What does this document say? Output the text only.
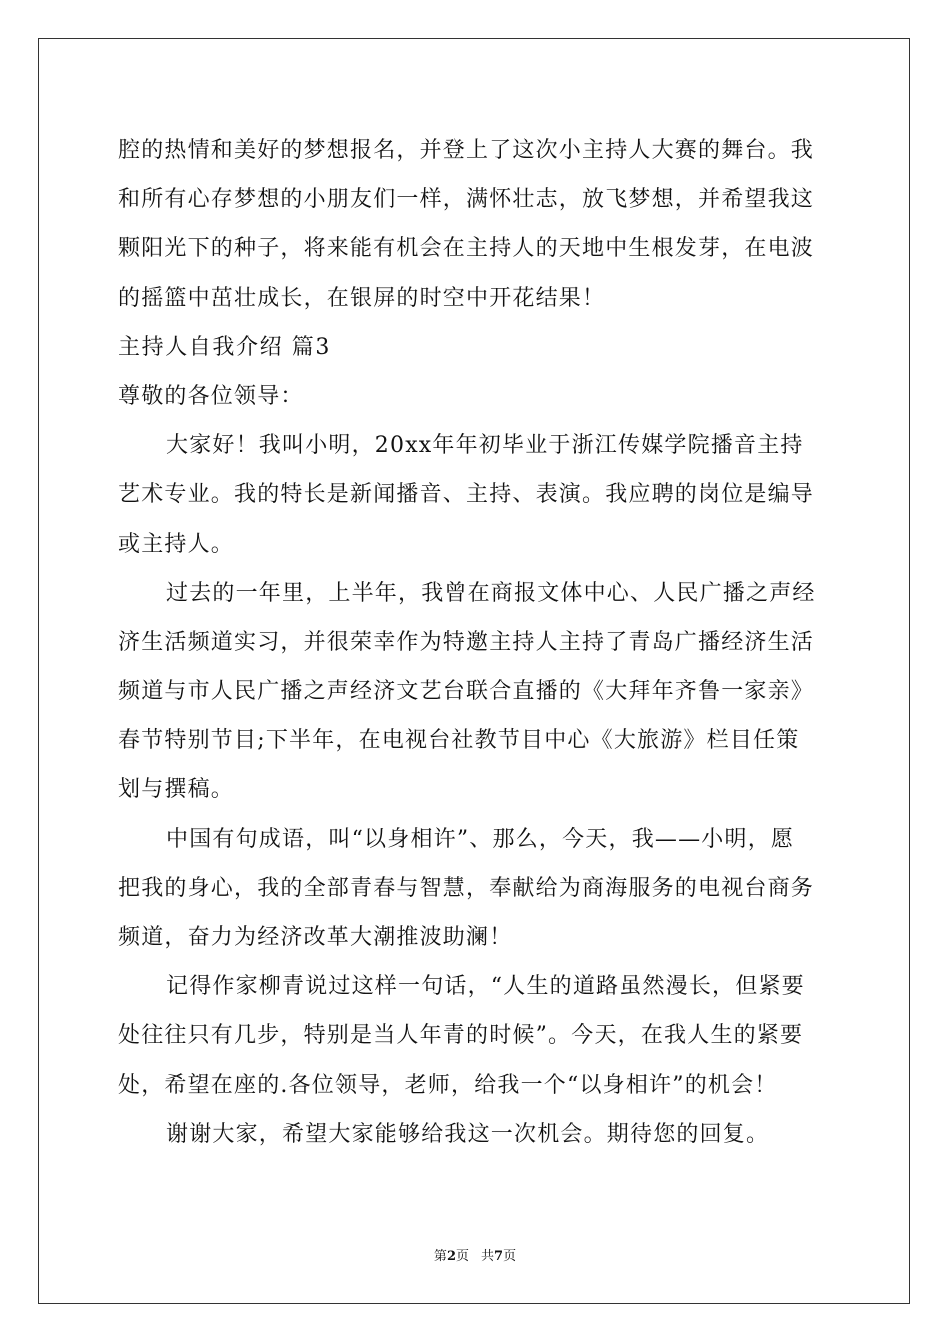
腔的热情和美好的梦想报名，并登上了这次小主持人大赛的舞台。我
和所有心存梦想的小朋友们一样，满怀壮志，放飞梦想，并希望我这
颗阳光下的种子，将来能有机会在主持人的天地中生根发芽，在电波
的摇篮中茁壮成长，在银屏的时空中开花结果！
主持人自我介绍 篇3
尊敬的各位领导：
大家好！我叫小明，20xx年年初毕业于浙江传媒学院播音主持
艺术专业。我的特长是新闻播音、主持、表演。我应聘的岗位是编导
或主持人。
过去的一年里，上半年，我曾在商报文体中心、人民广播之声经
济生活频道实习，并很荣幸作为特邀主持人主持了青岛广播经济生活
频道与市人民广播之声经济文艺台联合直播的《大拜年齐鲁一家亲》
春节特别节目;下半年，在电视台社教节目中心《大旅游》栏目任策
划与撰稿。
中国有句成语，叫“以身相许”、那么，今天，我——小明，愿
把我的身心，我的全部青春与智慧，奉献给为商海服务的电视台商务
频道，奋力为经济改革大潮推波助澜！
记得作家柳青说过这样一句话，“人生的道路虽然漫长，但紧要
处往往只有几步，特别是当人年青的时候”。今天，在我人生的紧要
处，希望在座的.各位领导，老师，给我一个“以身相许”的机会！
谢谢大家，希望大家能够给我这一次机会。期待您的回复。
第2页 共7页
